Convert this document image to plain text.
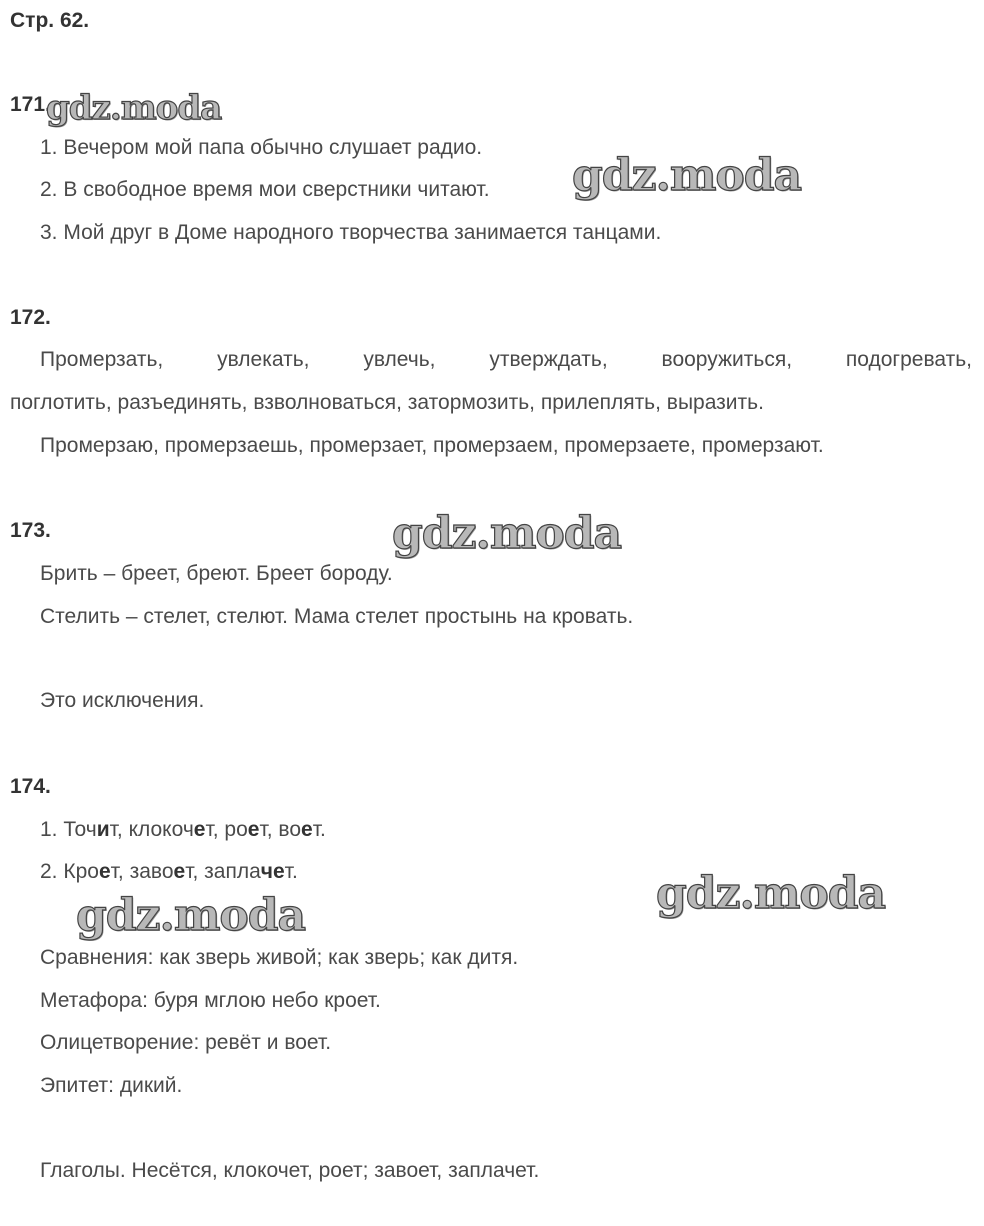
Стр. 62.
171.
1. Вечером мой папа обычно слушает радио.
2. В свободное время мои сверстники читают.
3. Мой друг в Доме народного творчества занимается танцами.
172.
Промерзать,	увлекать,	увлечь,	утверждать,	вооружиться,	подогревать,
поглотить, разъединять, взволноваться, затормозить, прилеплять, выразить.
Промерзаю, промерзаешь, промерзает, промерзаем, промерзаете, промерзают.
173.
Брить – бреет, бреют. Бреет бороду.
Стелить – стелет, стелют. Мама стелет простынь на кровать.
Это исключения.
174.
1. Точит, клокочет, роет, воет.
2. Кроет, завоет, заплачет.
Сравнения: как зверь живой; как зверь; как дитя.
Метафора: буря мглою небо кроет.
Олицетворение: ревёт и воет.
Эпитет: дикий.
Глаголы. Несётся, клокочет, роет; завоет, заплачет.
gdz.moda
gdz.moda
gdz.moda
gdz.moda
gdz.moda
